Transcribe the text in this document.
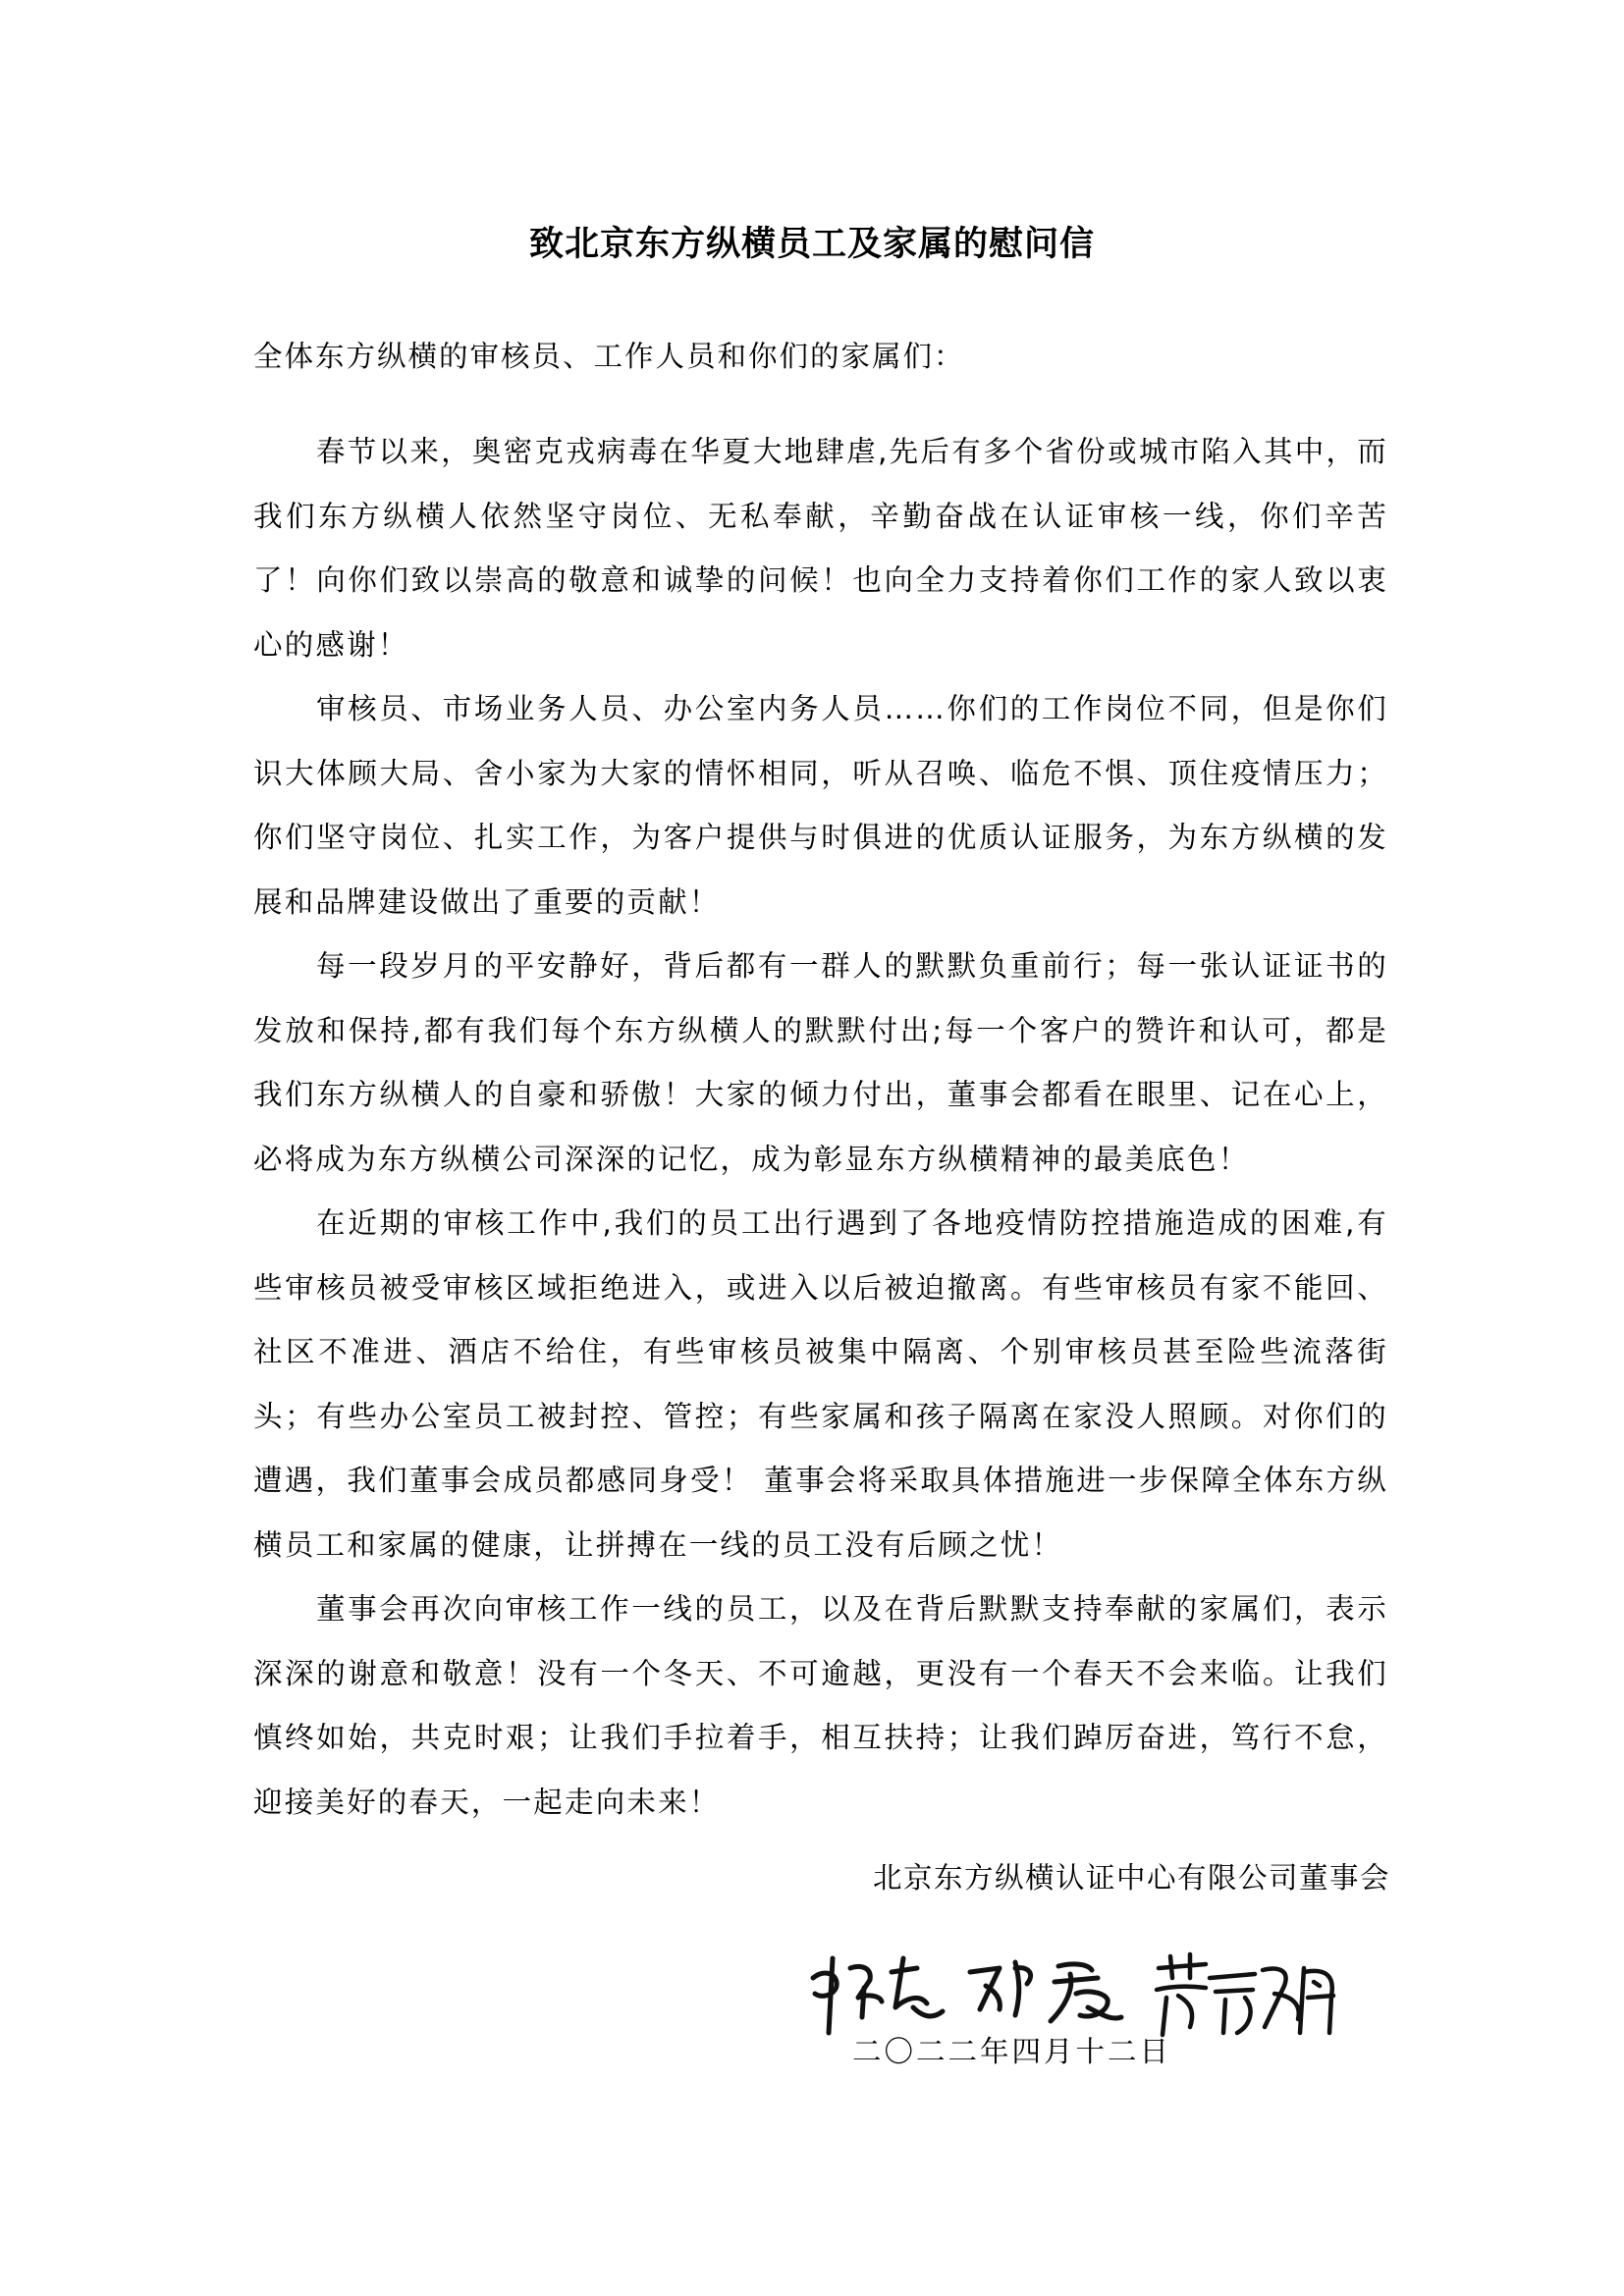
致北京东方纵横员工及家属的慰问信

全体东方纵横的审核员、工作人员和你们的家属们：

春节以来，奥密克戎病毒在华夏大地肆虐,先后有多个省份或城市陷入其中，而我们东方纵横人依然坚守岗位、无私奉献，辛勤奋战在认证审核一线，你们辛苦了！向你们致以崇高的敬意和诚挚的问候！也向全力支持着你们工作的家人致以衷心的感谢！

审核员、市场业务人员、办公室内务人员……你们的工作岗位不同，但是你们识大体顾大局、舍小家为大家的情怀相同，听从召唤、临危不惧、顶住疫情压力；你们坚守岗位、扎实工作，为客户提供与时俱进的优质认证服务，为东方纵横的发展和品牌建设做出了重要的贡献！

每一段岁月的平安静好，背后都有一群人的默默负重前行；每一张认证证书的发放和保持,都有我们每个东方纵横人的默默付出;每一个客户的赞许和认可，都是我们东方纵横人的自豪和骄傲！大家的倾力付出，董事会都看在眼里、记在心上，必将成为东方纵横公司深深的记忆，成为彰显东方纵横精神的最美底色！

在近期的审核工作中,我们的员工出行遇到了各地疫情防控措施造成的困难,有些审核员被受审核区域拒绝进入，或进入以后被迫撤离。有些审核员有家不能回、社区不准进、酒店不给住，有些审核员被集中隔离、个别审核员甚至险些流落街头；有些办公室员工被封控、管控；有些家属和孩子隔离在家没人照顾。对你们的遭遇，我们董事会成员都感同身受！ 董事会将采取具体措施进一步保障全体东方纵横员工和家属的健康，让拼搏在一线的员工没有后顾之忧！

董事会再次向审核工作一线的员工，以及在背后默默支持奉献的家属们，表示深深的谢意和敬意！没有一个冬天、不可逾越，更没有一个春天不会来临。让我们慎终如始，共克时艰；让我们手拉着手，相互扶持；让我们踔厉奋进，笃行不怠，迎接美好的春天，一起走向未来！

北京东方纵横认证中心有限公司董事会

二〇二二年四月十二日
